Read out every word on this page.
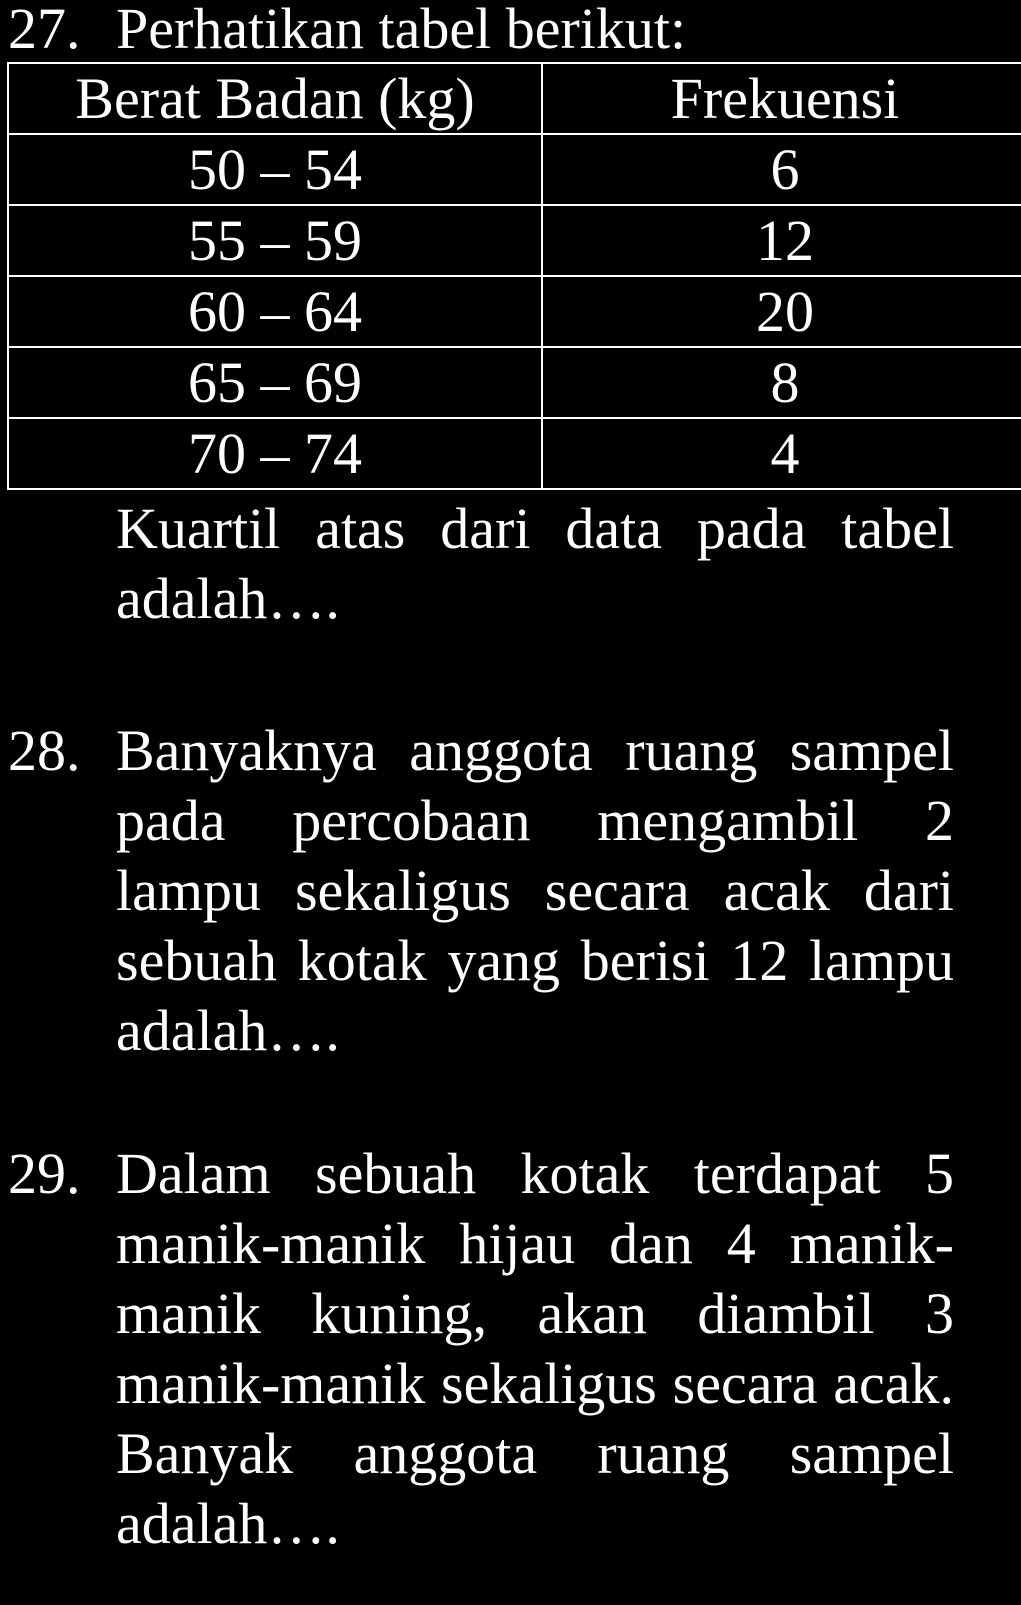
27. Perhatikan tabel berikut:
Berat Badan (kg)	Frekuensi
50 – 54	6
55 – 59	12
60 – 64	20
65 – 69	8
70 – 74	4
Kuartil atas dari data pada tabel adalah….
28. Banyaknya anggota ruang sampel pada percobaan mengambil 2 lampu sekaligus secara acak dari sebuah kotak yang berisi 12 lampu adalah….
29. Dalam sebuah kotak terdapat 5 manik-manik hijau dan 4 manik-manik kuning, akan diambil 3 manik-manik sekaligus secara acak. Banyak anggota ruang sampel adalah….
